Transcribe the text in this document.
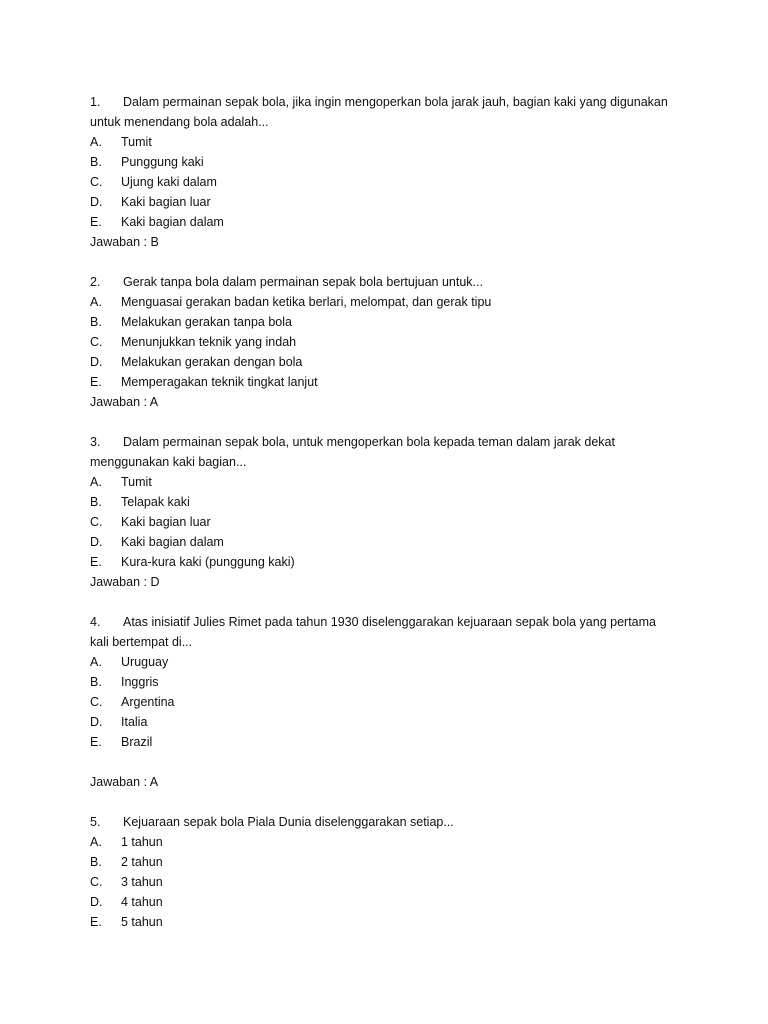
1. Dalam permainan sepak bola, jika ingin mengoperkan bola jarak jauh, bagian kaki yang digunakan
untuk menendang bola adalah...
A. Tumit
B. Punggung kaki
C. Ujung kaki dalam
D. Kaki bagian luar
E. Kaki bagian dalam
Jawaban : B
2. Gerak tanpa bola dalam permainan sepak bola bertujuan untuk...
A. Menguasai gerakan badan ketika berlari, melompat, dan gerak tipu
B. Melakukan gerakan tanpa bola
C. Menunjukkan teknik yang indah
D. Melakukan gerakan dengan bola
E. Memperagakan teknik tingkat lanjut
Jawaban : A
3. Dalam permainan sepak bola, untuk mengoperkan bola kepada teman dalam jarak dekat
menggunakan kaki bagian...
A. Tumit
B. Telapak kaki
C. Kaki bagian luar
D. Kaki bagian dalam
E. Kura-kura kaki (punggung kaki)
Jawaban : D
4. Atas inisiatif Julies Rimet pada tahun 1930 diselenggarakan kejuaraan sepak bola yang pertama
kali bertempat di...
A. Uruguay
B. Inggris
C. Argentina
D. Italia
E. Brazil
Jawaban : A
5. Kejuaraan sepak bola Piala Dunia diselenggarakan setiap...
A. 1 tahun
B. 2 tahun
C. 3 tahun
D. 4 tahun
E. 5 tahun
